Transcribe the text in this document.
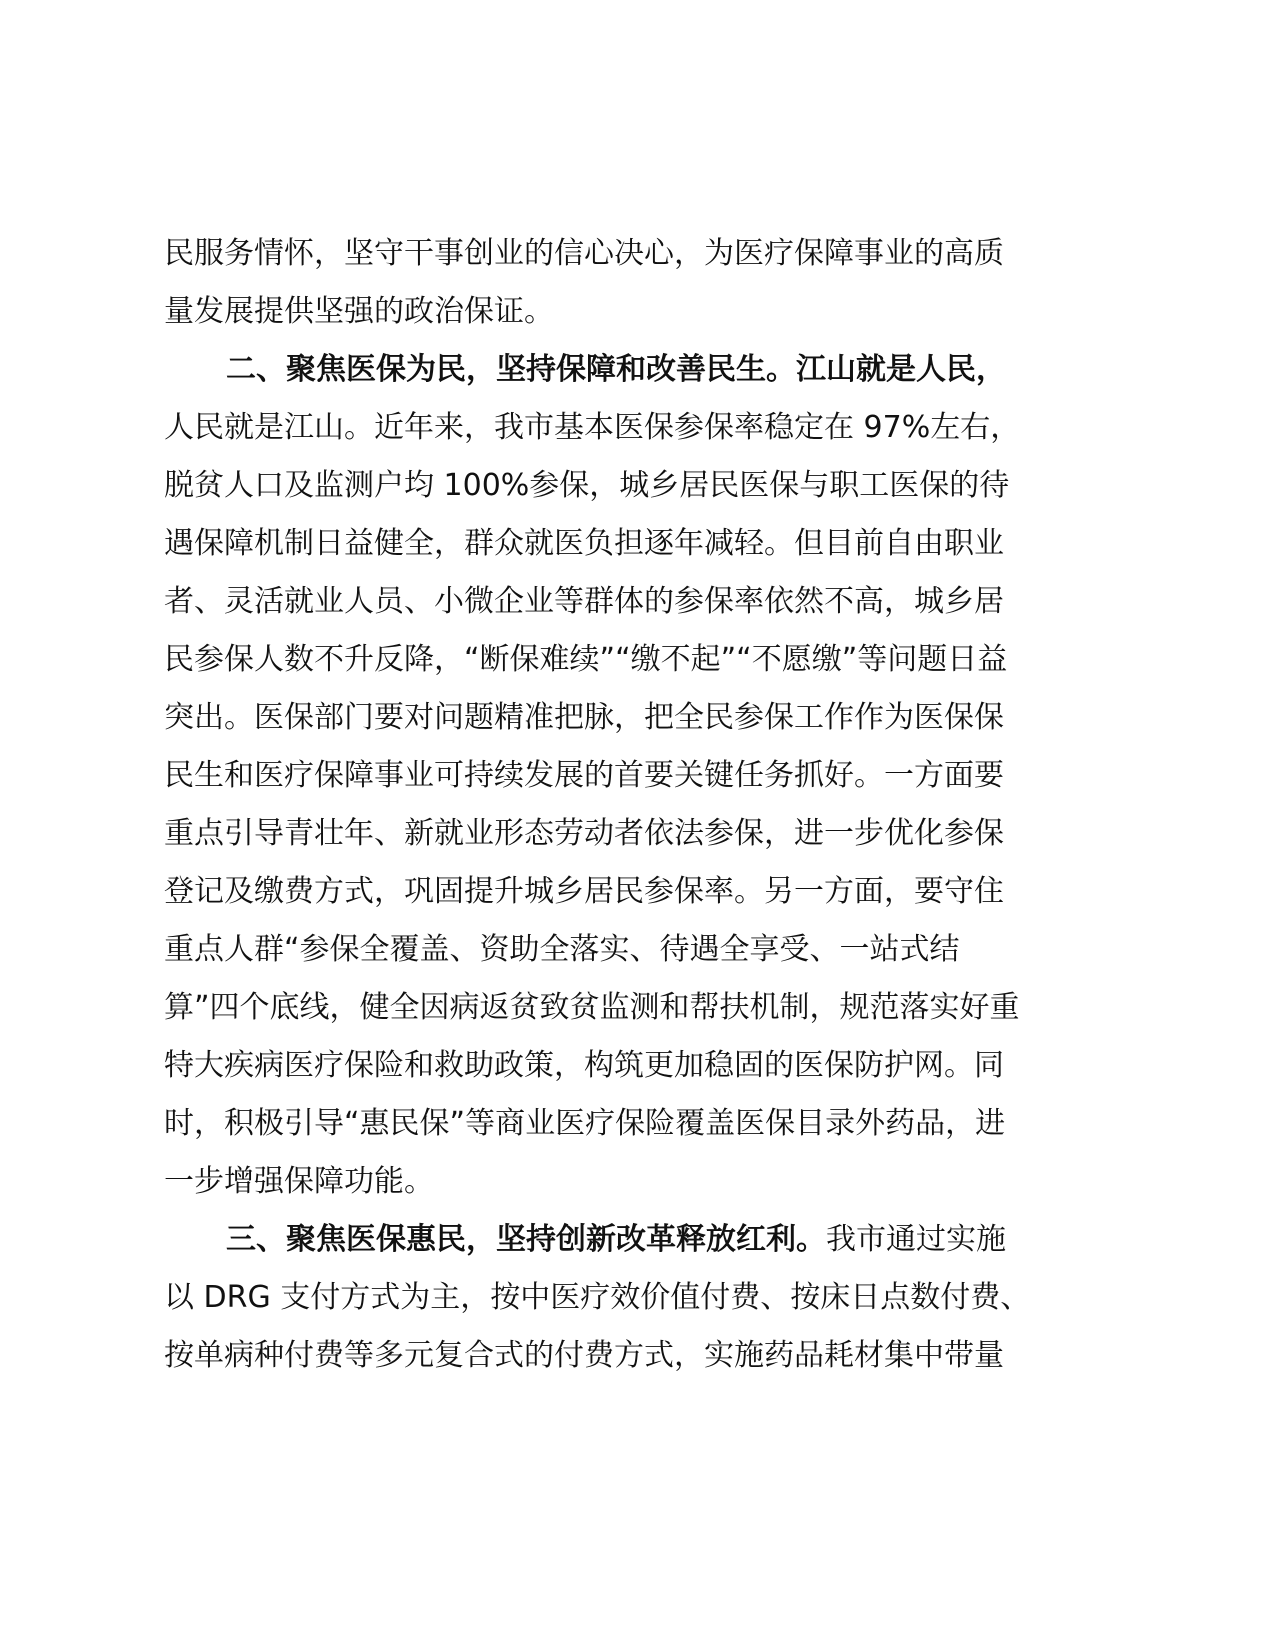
民服务情怀，坚守干事创业的信心决心，为医疗保障事业的高质
量发展提供坚强的政治保证。
二、聚焦医保为民，坚持保障和改善民生。江山就是人民，
人民就是江山。近年来，我市基本医保参保率稳定在 97%左右，
脱贫人口及监测户均 100%参保，城乡居民医保与职工医保的待
遇保障机制日益健全，群众就医负担逐年减轻。但目前自由职业
者、灵活就业人员、小微企业等群体的参保率依然不高，城乡居
民参保人数不升反降，“断保难续”“缴不起”“不愿缴”等问题日益
突出。医保部门要对问题精准把脉，把全民参保工作作为医保保
民生和医疗保障事业可持续发展的首要关键任务抓好。一方面要
重点引导青壮年、新就业形态劳动者依法参保，进一步优化参保
登记及缴费方式，巩固提升城乡居民参保率。另一方面，要守住
重点人群“参保全覆盖、资助全落实、待遇全享受、一站式结
算”四个底线，健全因病返贫致贫监测和帮扶机制，规范落实好重
特大疾病医疗保险和救助政策，构筑更加稳固的医保防护网。同
时，积极引导“惠民保”等商业医疗保险覆盖医保目录外药品，进
一步增强保障功能。
三、聚焦医保惠民，坚持创新改革释放红利。我市通过实施
以 DRG 支付方式为主，按中医疗效价值付费、按床日点数付费、
按单病种付费等多元复合式的付费方式，实施药品耗材集中带量
